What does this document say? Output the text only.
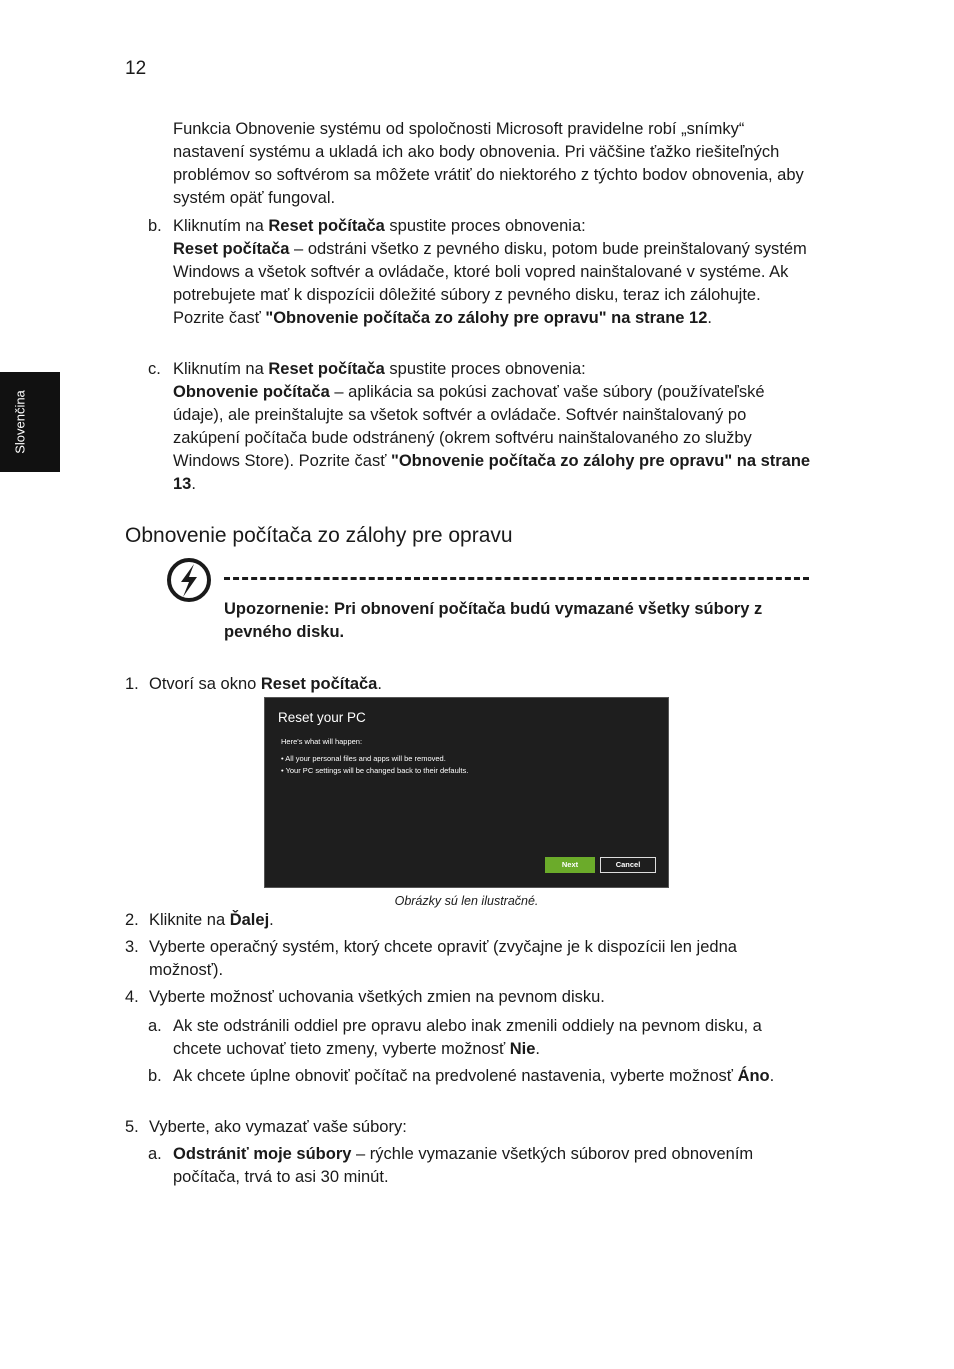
12
Slovenčina
Funkcia Obnovenie systému od spoločnosti Microsoft pravidelne robí „snímky“ nastavení systému a ukladá ich ako body obnovenia. Pri väčšine ťažko riešiteľných problémov so softvérom sa môžete vrátiť do niektorého z týchto bodov obnovenia, aby systém opäť fungoval.
b. Kliknutím na Reset počítača spustite proces obnovenia:
Reset počítača – odstráni všetko z pevného disku, potom bude preinštalovaný systém Windows a všetok softvér a ovládače, ktoré boli vopred nainštalované v systéme. Ak potrebujete mať k dispozícii dôležité súbory z pevného disku, teraz ich zálohujte. Pozrite časť "Obnovenie počítača zo zálohy pre opravu" na strane 12.
c. Kliknutím na Reset počítača spustite proces obnovenia:
Obnovenie počítača – aplikácia sa pokúsi zachovať vaše súbory (používateľské údaje), ale preinštalujte sa všetok softvér a ovládače. Softvér nainštalovaný po zakúpení počítača bude odstránený (okrem softvéru nainštalovaného zo služby Windows Store). Pozrite časť "Obnovenie počítača zo zálohy pre opravu" na strane 13.
Obnovenie počítača zo zálohy pre opravu
Upozornenie: Pri obnovení počítača budú vymazané všetky súbory z pevného disku.
1. Otvorí sa okno Reset počítača.
Reset your PC
Here's what will happen:
• All your personal files and apps will be removed.
• Your PC settings will be changed back to their defaults.
Next	Cancel
Obrázky sú len ilustračné.
2. Kliknite na Ďalej.
3. Vyberte operačný systém, ktorý chcete opraviť (zvyčajne je k dispozícii len jedna možnosť).
4. Vyberte možnosť uchovania všetkých zmien na pevnom disku.
a. Ak ste odstránili oddiel pre opravu alebo inak zmenili oddiely na pevnom disku, a chcete uchovať tieto zmeny, vyberte možnosť Nie.
b. Ak chcete úplne obnoviť počítač na predvolené nastavenia, vyberte možnosť Áno.
5. Vyberte, ako vymazať vaše súbory:
a. Odstrániť moje súbory – rýchle vymazanie všetkých súborov pred obnovením počítača, trvá to asi 30 minút.
